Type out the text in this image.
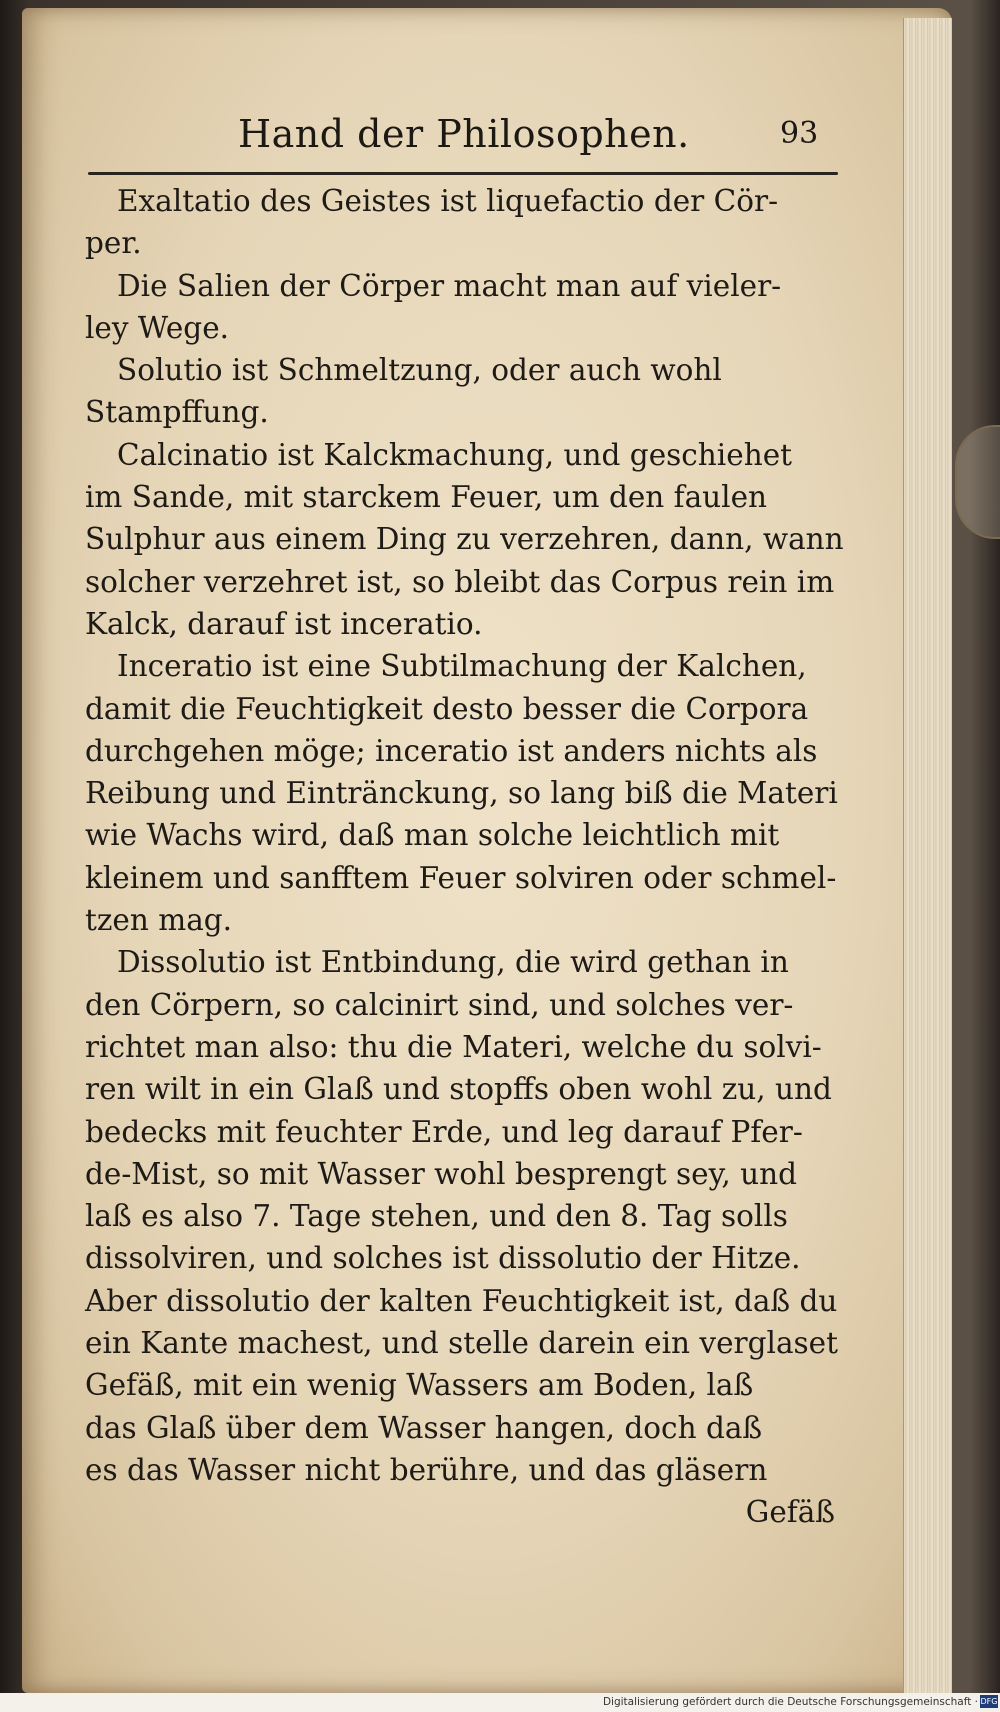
Hand der Philosophen.	93
Exaltatio des Geistes ist liquefactio der Cör-
per.
Die Salien der Cörper macht man auf vieler-
ley Wege.
Solutio ist Schmeltzung, oder auch wohl
Stampffung.
Calcinatio ist Kalckmachung, und geschiehet
im Sande, mit starckem Feuer, um den faulen
Sulphur aus einem Ding zu verzehren, dann, wann
solcher verzehret ist, so bleibt das Corpus rein im
Kalck, darauf ist inceratio.
Inceratio ist eine Subtilmachung der Kalchen,
damit die Feuchtigkeit desto besser die Corpora
durchgehen möge; inceratio ist anders nichts als
Reibung und Eintränckung, so lang biß die Materi
wie Wachs wird, daß man solche leichtlich mit
kleinem und sanfftem Feuer solviren oder schmel-
tzen mag.
Dissolutio ist Entbindung, die wird gethan in
den Cörpern, so calcinirt sind, und solches ver-
richtet man also: thu die Materi, welche du solvi-
ren wilt in ein Glaß und stopffs oben wohl zu, und
bedecks mit feuchter Erde, und leg darauf Pfer-
de-Mist, so mit Wasser wohl besprengt sey, und
laß es also 7. Tage stehen, und den 8. Tag solls
dissolviren, und solches ist dissolutio der Hitze.
Aber dissolutio der kalten Feuchtigkeit ist, daß du
ein Kante machest, und stelle darein ein verglaset
Gefäß, mit ein wenig Wassers am Boden, laß
das Glaß über dem Wasser hangen, doch daß
es das Wasser nicht berühre, und das gläsern
Gefäß
Digitalisierung gefördert durch die Deutsche Forschungsgemeinschaft · DFG
